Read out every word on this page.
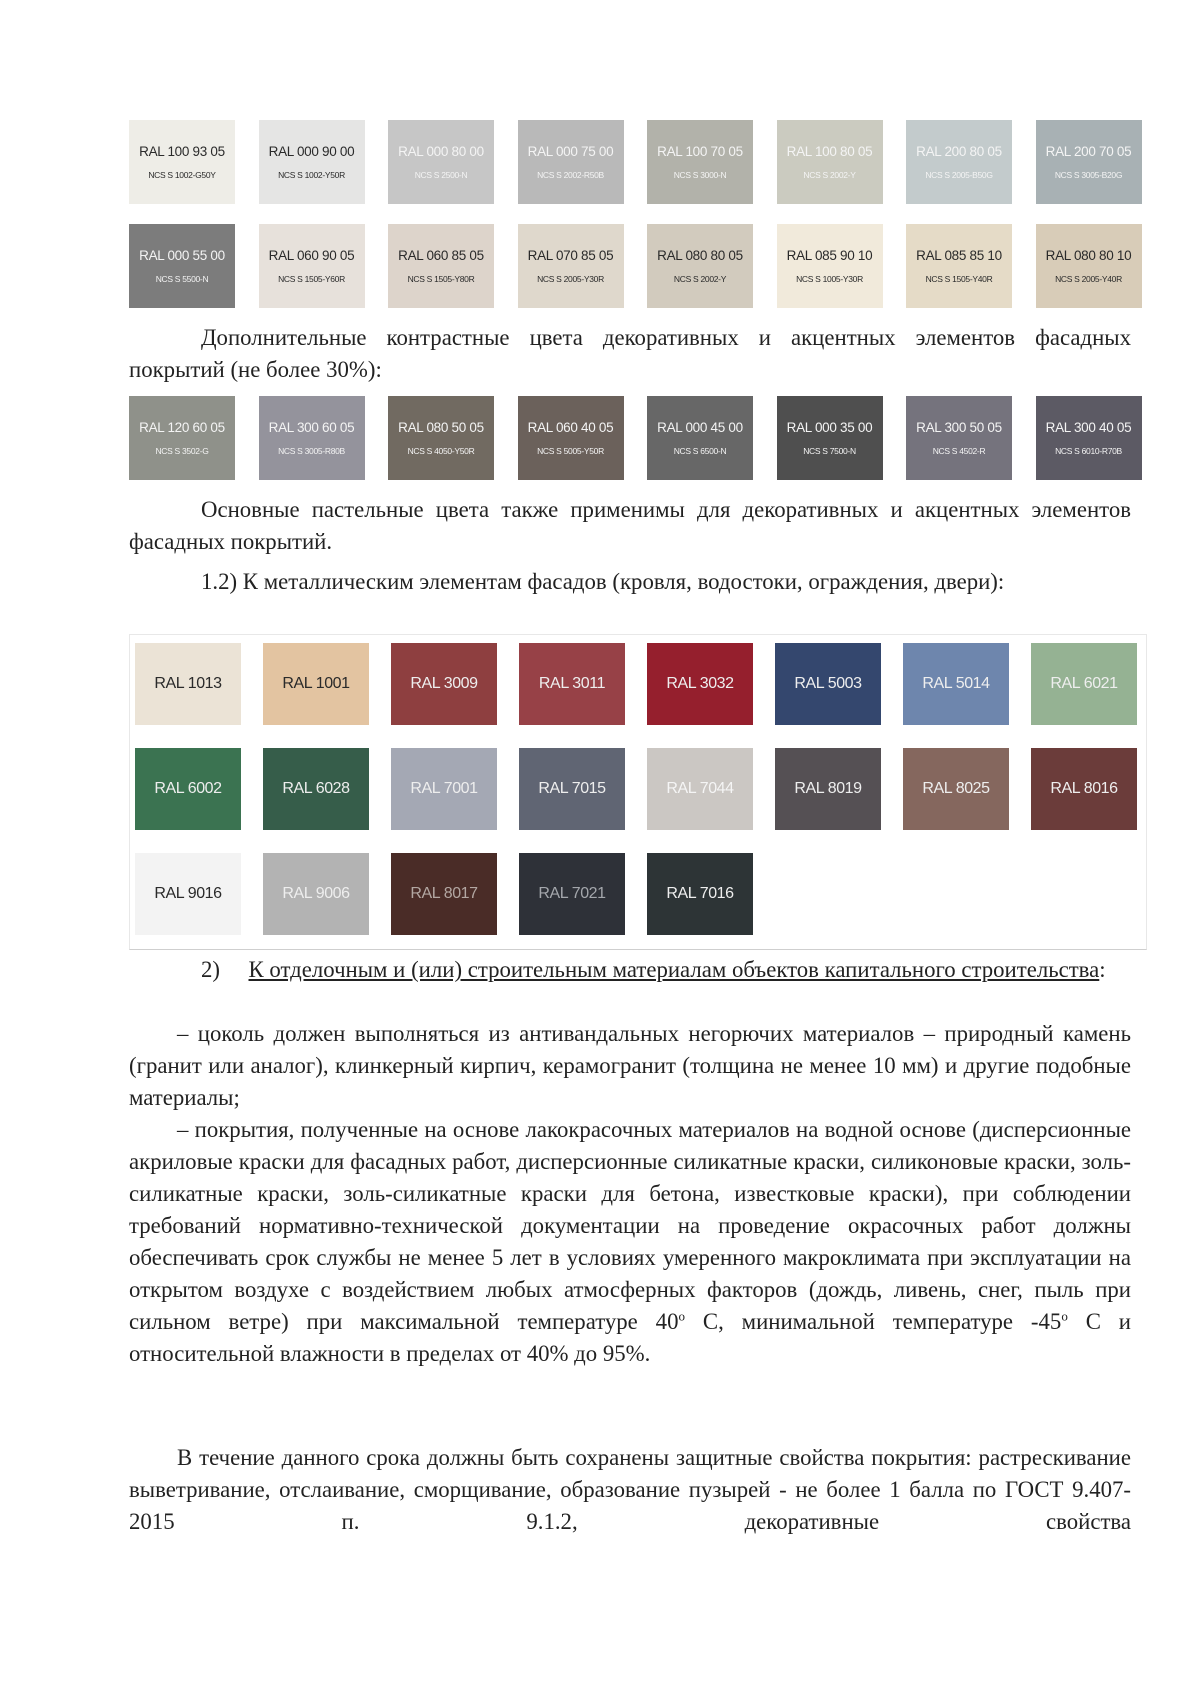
RAL 100 93 05
NCS S 1002-G50Y
RAL 000 90 00
NCS S 1002-Y50R
RAL 000 80 00
NCS S 2500-N
RAL 000 75 00
NCS S 2002-R50B
RAL 100 70 05
NCS S 3000-N
RAL 100 80 05
NCS S 2002-Y
RAL 200 80 05
NCS S 2005-B50G
RAL 200 70 05
NCS S 3005-B20G
RAL 000 55 00
NCS S 5500-N
RAL 060 90 05
NCS S 1505-Y60R
RAL 060 85 05
NCS S 1505-Y80R
RAL 070 85 05
NCS S 2005-Y30R
RAL 080 80 05
NCS S 2002-Y
RAL 085 90 10
NCS S 1005-Y30R
RAL 085 85 10
NCS S 1505-Y40R
RAL 080 80 10
NCS S 2005-Y40R

Дополнительные контрастные цвета декоративных и акцентных элементов фасадных покрытий (не более 30%):

RAL 120 60 05
NCS S 3502-G
RAL 300 60 05
NCS S 3005-R80B
RAL 080 50 05
NCS S 4050-Y50R
RAL 060 40 05
NCS S 5005-Y50R
RAL 000 45 00
NCS S 6500-N
RAL 000 35 00
NCS S 7500-N
RAL 300 50 05
NCS S 4502-R
RAL 300 40 05
NCS S 6010-R70B

Основные пастельные цвета также применимы для декоративных и акцентных элементов фасадных покрытий.

1.2) К металлическим элементам фасадов (кровля, водостоки, ограждения, двери):

RAL 1013	RAL 1001	RAL 3009	RAL 3011	RAL 3032	RAL 5003	RAL 5014	RAL 6021
RAL 6002	RAL 6028	RAL 7001	RAL 7015	RAL 7044	RAL 8019	RAL 8025	RAL 8016
RAL 9016	RAL 9006	RAL 8017	RAL 7021	RAL 7016

2) К отделочным и (или) строительным материалам объектов капитального строительства:

– цоколь должен выполняться из антивандальных негорючих материалов – природный камень (гранит или аналог), клинкерный кирпич, керамогранит (толщина не менее 10 мм) и другие подобные материалы;

– покрытия, полученные на основе лакокрасочных материалов на водной основе (дисперсионные акриловые краски для фасадных работ, дисперсионные силикатные краски, силиконовые краски, золь-силикатные краски, золь-силикатные краски для бетона, известковые краски), при соблюдении требований нормативно-технической документации на проведение окрасочных работ должны обеспечивать срок службы не менее 5 лет в условиях умеренного макроклимата при эксплуатации на открытом воздухе с воздействием любых атмосферных факторов (дождь, ливень, снег, пыль при сильном ветре) при максимальной температуре 40$^o$ С, минимальной температуре -45$^o$ С и относительной влажности в пределах от 40% до 95%.

В течение данного срока должны быть сохранены защитные свойства покрытия: растрескивание выветривание, отслаивание, сморщивание, образование пузырей - не более 1 балла по ГОСТ 9.407-2015 п. 9.1.2, декоративные свойства
